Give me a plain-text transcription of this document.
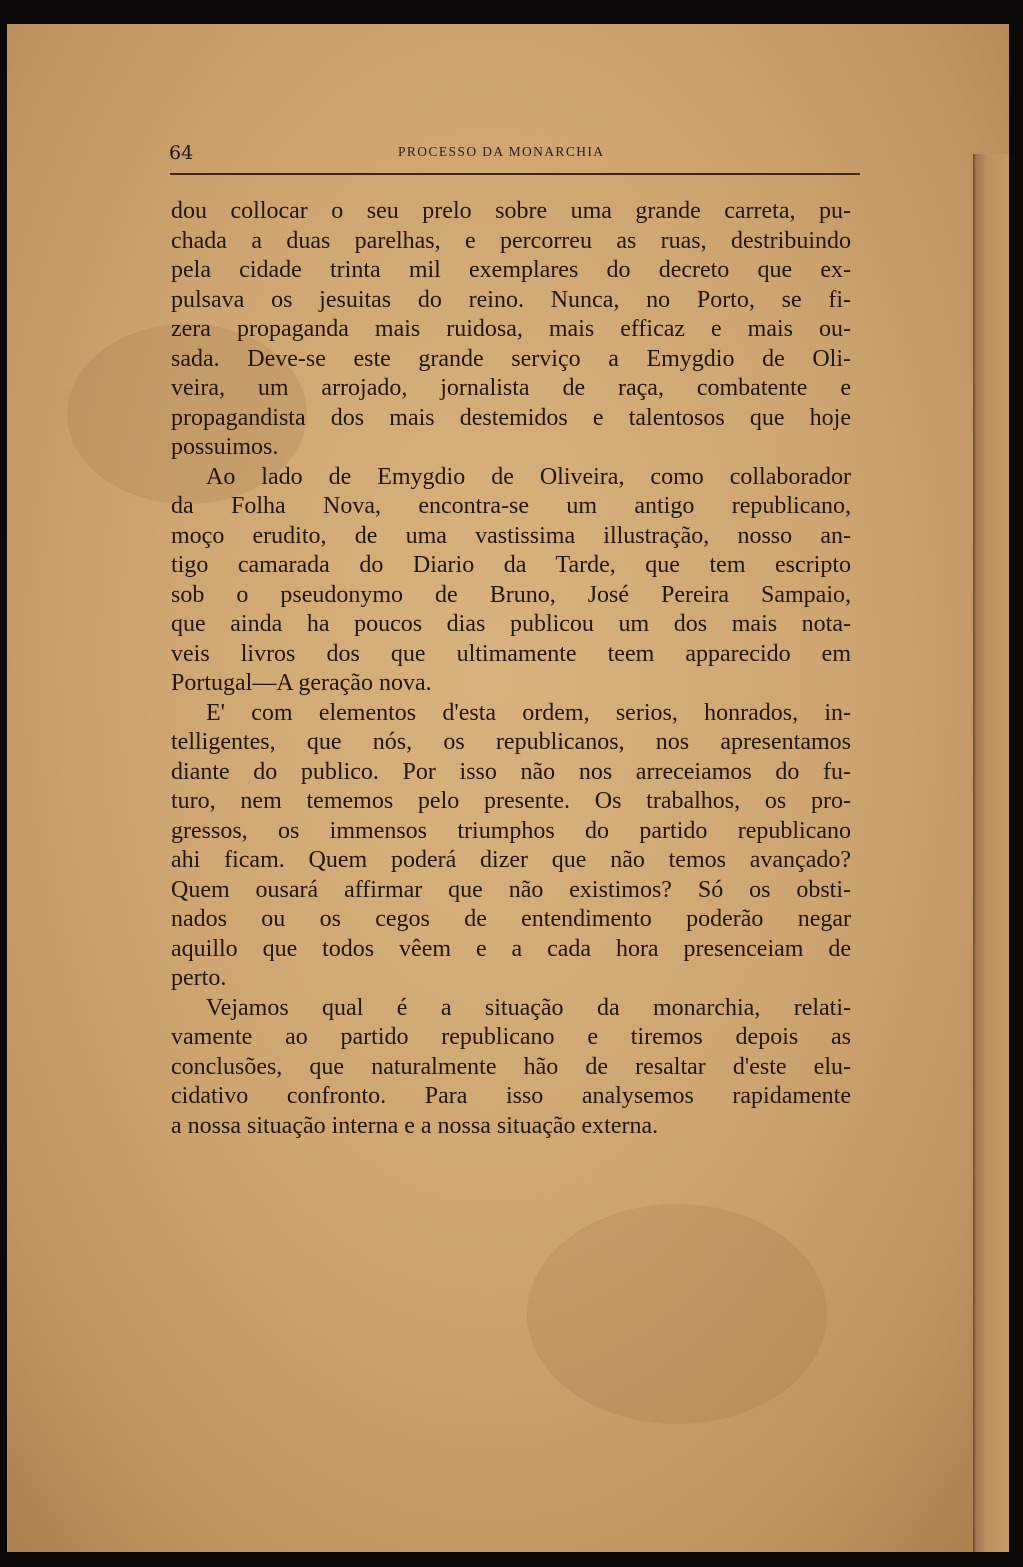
64	PROCESSO DA MONARCHIA
dou collocar o seu prelo sobre uma grande carreta, pu-
chada a duas parelhas, e percorreu as ruas, destribuindo
pela cidade trinta mil exemplares do decreto que ex-
pulsava os jesuitas do reino. Nunca, no Porto, se fi-
zera propaganda mais ruidosa, mais efficaz e mais ou-
sada. Deve-se este grande serviço a Emygdio de Oli-
veira, um arrojado, jornalista de raça, combatente e
propagandista dos mais destemidos e talentosos que hoje
possuimos.
Ao lado de Emygdio de Oliveira, como collaborador
da Folha Nova, encontra-se um antigo republicano,
moço erudito, de uma vastissima illustração, nosso an-
tigo camarada do Diario da Tarde, que tem escripto
sob o pseudonymo de Bruno, José Pereira Sampaio,
que ainda ha poucos dias publicou um dos mais nota-
veis livros dos que ultimamente teem apparecido em
Portugal—A geração nova.
E' com elementos d'esta ordem, serios, honrados, in-
telligentes, que nós, os republicanos, nos apresentamos
diante do publico. Por isso não nos arreceiamos do fu-
turo, nem tememos pelo presente. Os trabalhos, os pro-
gressos, os immensos triumphos do partido republicano
ahi ficam. Quem poderá dizer que não temos avançado?
Quem ousará affirmar que não existimos? Só os obsti-
nados ou os cegos de entendimento poderão negar
aquillo que todos vêem e a cada hora presenceiam de
perto.
Vejamos qual é a situação da monarchia, relati-
vamente ao partido republicano e tiremos depois as
conclusões, que naturalmente hão de resaltar d'este elu-
cidativo confronto. Para isso analysemos rapidamente
a nossa situação interna e a nossa situação externa.
